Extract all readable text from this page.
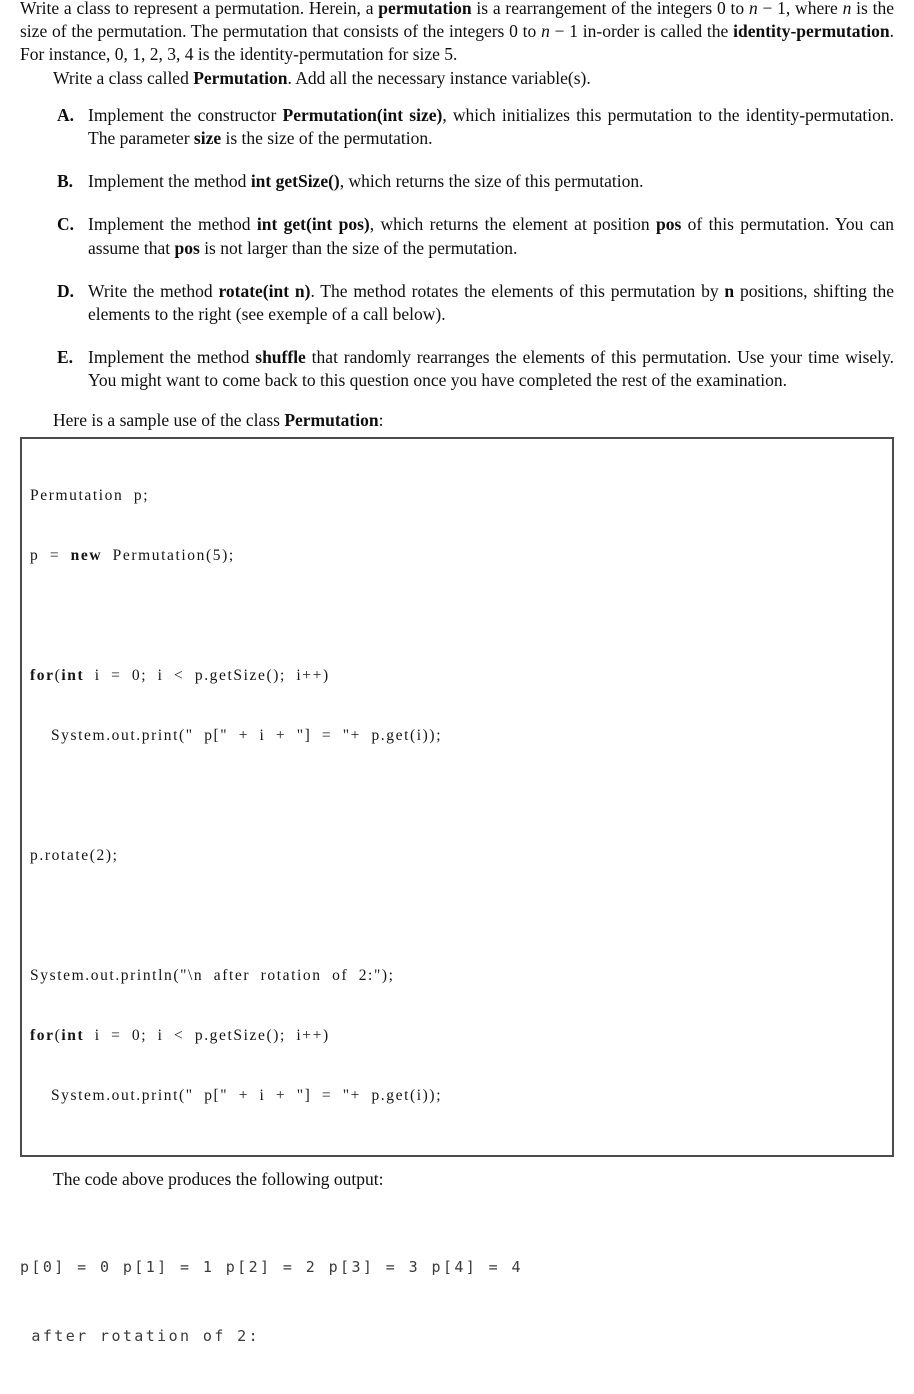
Write a class to represent a permutation. Herein, a permutation is a rearrangement of the integers 0 to n − 1, where n is the size of the permutation. The permutation that consists of the integers 0 to n − 1 in-order is called the identity-permutation. For instance, 0, 1, 2, 3, 4 is the identity-permutation for size 5.

Write a class called Permutation. Add all the necessary instance variable(s).

A. Implement the constructor Permutation(int size), which initializes this permutation to the identity-permutation. The parameter size is the size of the permutation.
B. Implement the method int getSize(), which returns the size of this permutation.
C. Implement the method int get(int pos), which returns the element at position pos of this permutation. You can assume that pos is not larger than the size of the permutation.
D. Write the method rotate(int n). The method rotates the elements of this permutation by n positions, shifting the elements to the right (see exemple of a call below).
E. Implement the method shuffle that randomly rearranges the elements of this permutation. Use your time wisely. You might want to come back to this question once you have completed the rest of the examination.

Here is a sample use of the class Permutation:

Permutation p;

p = new Permutation(5);

for(int i = 0; i < p.getSize(); i++)

System.out.print(" p[" + i + "] = "+ p.get(i));

p.rotate(2);

System.out.println("\n after rotation of 2:");

for(int i = 0; i < p.getSize(); i++)

System.out.print(" p[" + i + "] = "+ p.get(i));

The code above produces the following output:

p[0] = 0 p[1] = 1 p[2] = 2 p[3] = 3 p[4] = 4

after rotation of 2:
